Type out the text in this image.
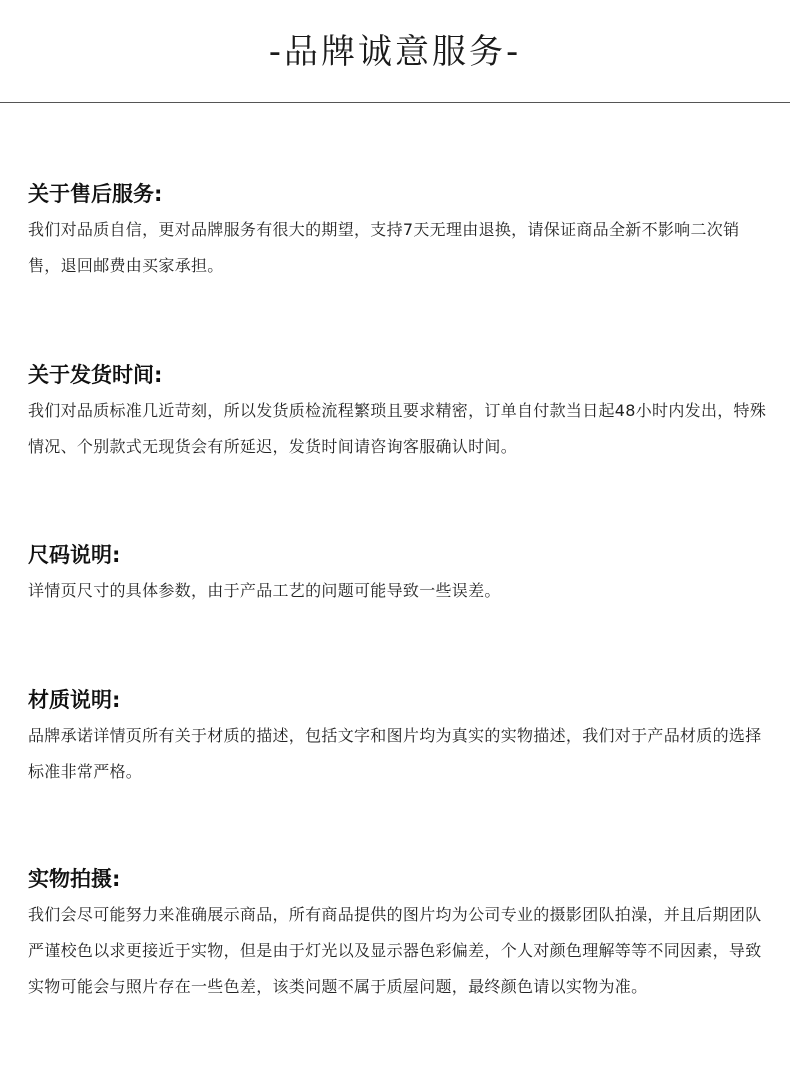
-品牌诚意服务-
关于售后服务:

我们对品质自信，更对品牌服务有很大的期望，支持7天无理由退换，请保证商品全新不影响二次销售，退回邮费由买家承担。

关于发货时间:

我们对品质标准几近苛刻，所以发货质检流程繁琐且要求精密，订单自付款当日起48小时内发出，特殊情况、个别款式无现货会有所延迟，发货时间请咨询客服确认时间。

尺码说明:

详情页尺寸的具体参数，由于产品工艺的问题可能导致一些误差。

材质说明:

品牌承诺详情页所有关于材质的描述，包括文字和图片均为真实的实物描述，我们对于产品材质的选择标准非常严格。

实物拍摄:

我们会尽可能努力来准确展示商品，所有商品提供的图片均为公司专业的摄影团队拍澡，并且后期团队严谨校色以求更接近于实物，但是由于灯光以及显示器色彩偏差，个人对颜色理解等等不同因素，导致实物可能会与照片存在一些色差，该类问题不属于质屋问题，最终颜色请以实物为准。
